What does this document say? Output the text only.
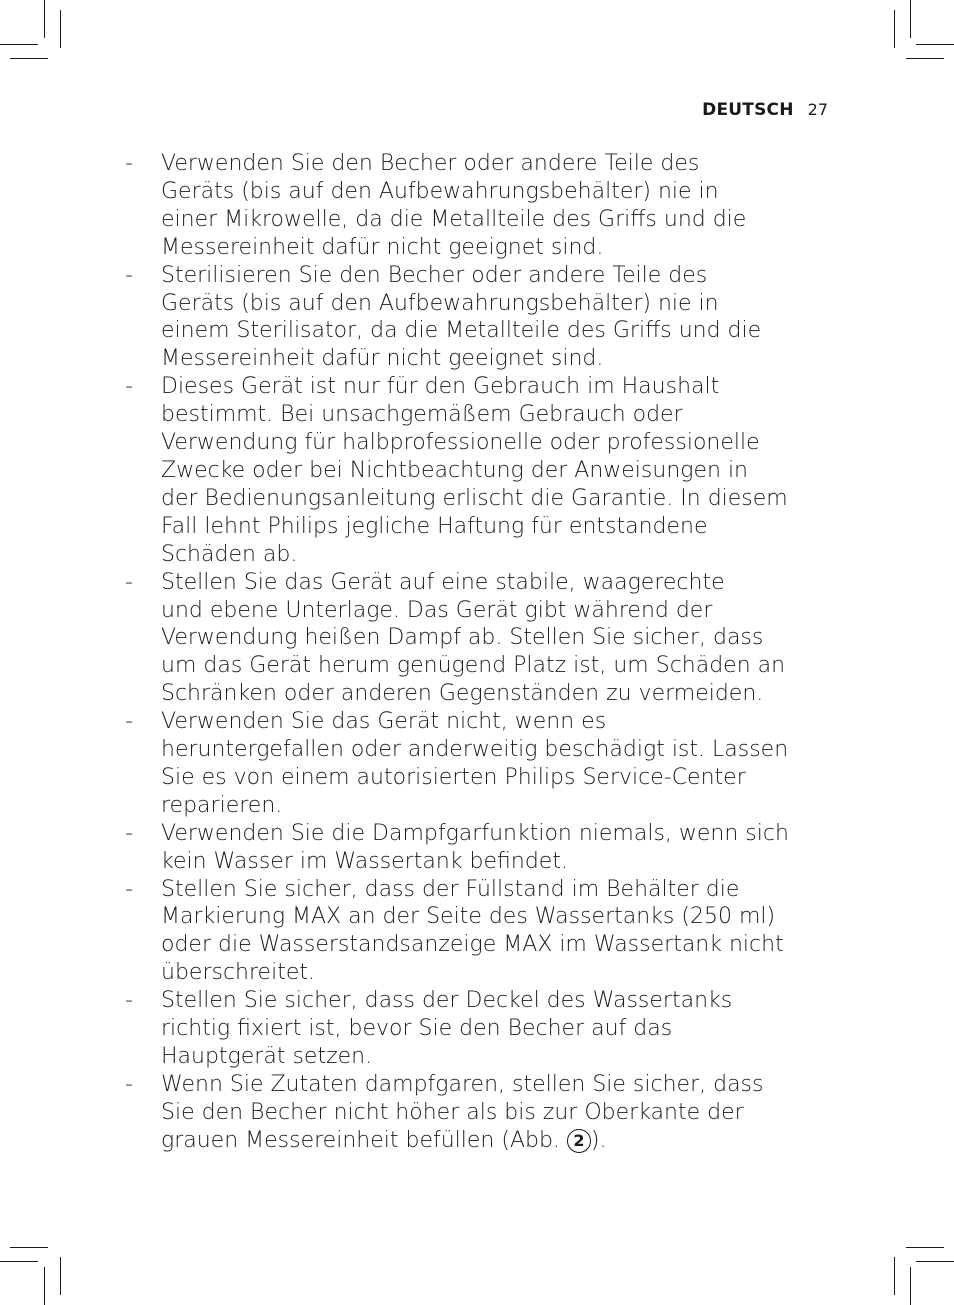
DEUTSCH 27
- Verwenden Sie den Becher oder andere Teile des
Geräts (bis auf den Aufbewahrungsbehälter) nie in
einer Mikrowelle, da die Metallteile des Griffs und die
Messereinheit dafür nicht geeignet sind.
- Sterilisieren Sie den Becher oder andere Teile des
Geräts (bis auf den Aufbewahrungsbehälter) nie in
einem Sterilisator, da die Metallteile des Griffs und die
Messereinheit dafür nicht geeignet sind.
- Dieses Gerät ist nur für den Gebrauch im Haushalt
bestimmt. Bei unsachgemäßem Gebrauch oder
Verwendung für halbprofessionelle oder professionelle
Zwecke oder bei Nichtbeachtung der Anweisungen in
der Bedienungsanleitung erlischt die Garantie. In diesem
Fall lehnt Philips jegliche Haftung für entstandene
Schäden ab.
- Stellen Sie das Gerät auf eine stabile, waagerechte
und ebene Unterlage. Das Gerät gibt während der
Verwendung heißen Dampf ab. Stellen Sie sicher, dass
um das Gerät herum genügend Platz ist, um Schäden an
Schränken oder anderen Gegenständen zu vermeiden.
- Verwenden Sie das Gerät nicht, wenn es
heruntergefallen oder anderweitig beschädigt ist. Lassen
Sie es von einem autorisierten Philips Service-Center
reparieren.
- Verwenden Sie die Dampfgarfunktion niemals, wenn sich
kein Wasser im Wassertank befindet.
- Stellen Sie sicher, dass der Füllstand im Behälter die
Markierung MAX an der Seite des Wassertanks (250 ml)
oder die Wasserstandsanzeige MAX im Wassertank nicht
überschreitet.
- Stellen Sie sicher, dass der Deckel des Wassertanks
richtig fixiert ist, bevor Sie den Becher auf das
Hauptgerät setzen.
- Wenn Sie Zutaten dampfgaren, stellen Sie sicher, dass
Sie den Becher nicht höher als bis zur Oberkante der
grauen Messereinheit befüllen (Abb. 2 ).
